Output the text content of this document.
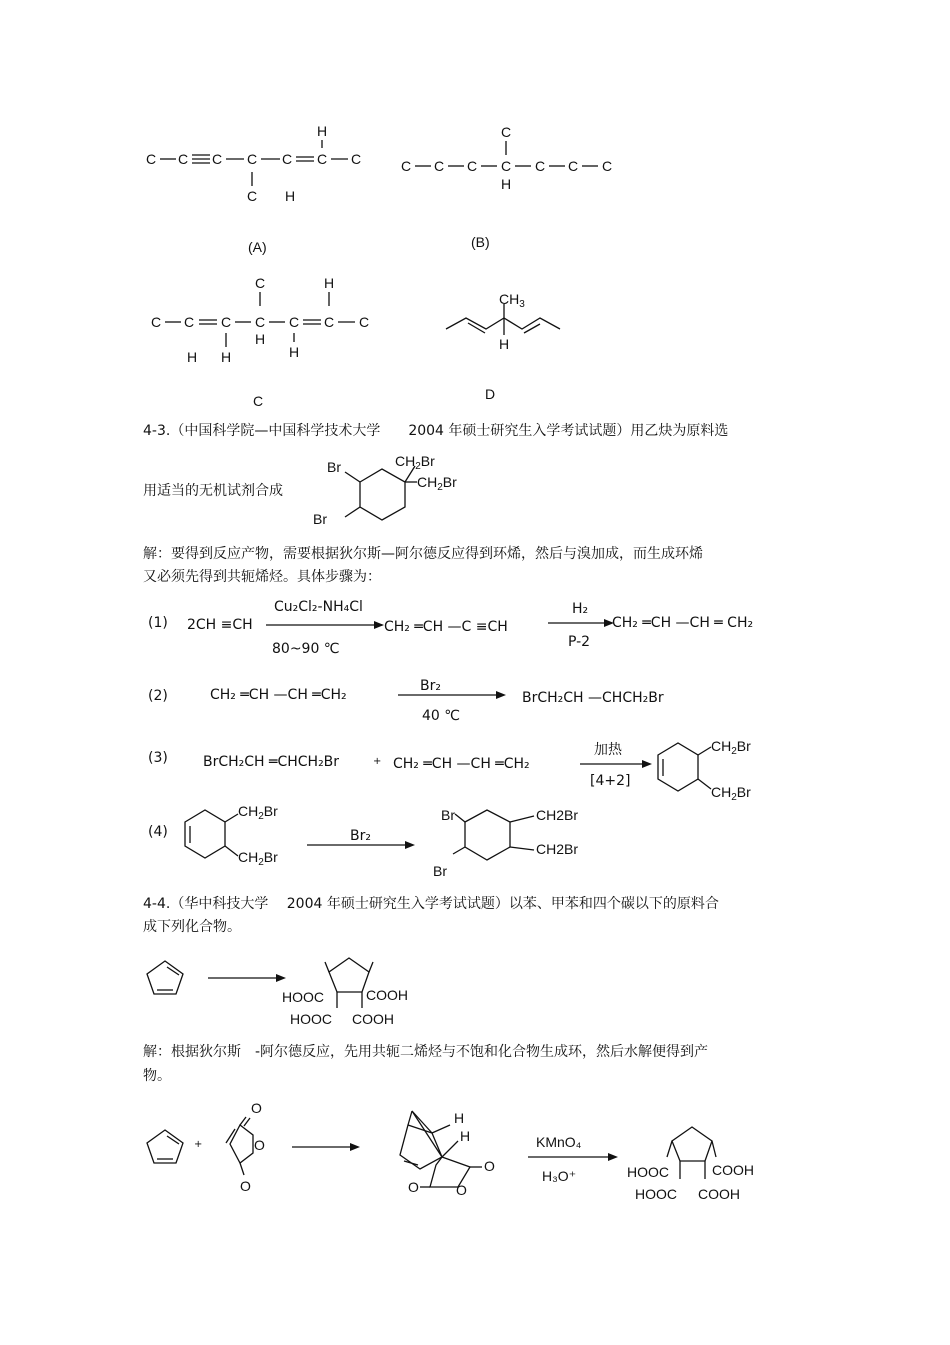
C C C C
C
C C
H
C
H
(A)
C C C C
C
H
C C C
(B)
C C C
H
H
C
C
H
C
H
C
H
C
C
$CH_3$
H
D
4-3.（中国科学院—中国科学技术大学　　2004 年硕士研究生入学考试试题）用乙炔为原料选
用适当的无机试剂合成
Br
Br
$CH_2Br$
$CH_2Br$
解：要得到反应产物，需要根据狄尔斯—阿尔德反应得到环烯，然后与溴加成，而生成环烯
又必须先得到共轭烯烃。具体步骤为：
(1) 2CH ≡CH
Cu₂Cl₂-NH₄Cl
80~90 ℃
CH₂ ═CH —C ≡CH
H₂
P-2
CH₂ ═CH —CH ═ CH₂
(2)	CH₂ ═CH —CH ═CH₂
Br₂
40 ℃
BrCH₂CH —CHCH₂Br
(3)	BrCH₂CH ═CHCH₂Br	+ CH₂ ═CH —CH ═CH₂
加热
[4+2]
$CH_2Br$
$CH_2Br$
(4)
$CH_2Br$
$CH_2Br$
Br₂
Br
Br
CH2Br
CH2Br
4-4.（华中科技大学　 2004 年硕士研究生入学考试试题）以苯、甲苯和四个碳以下的原料合
成下列化合物。
HOOC	COOH
HOOC COOH
解：根据狄尔斯　-阿尔德反应，先用共轭二烯烃与不饱和化合物生成环，然后水解便得到产
物。
O
O
O
H
H
O
O
O
KMnO₄
H₃O⁺	HOOC	COOH
HOOC COOH
+
